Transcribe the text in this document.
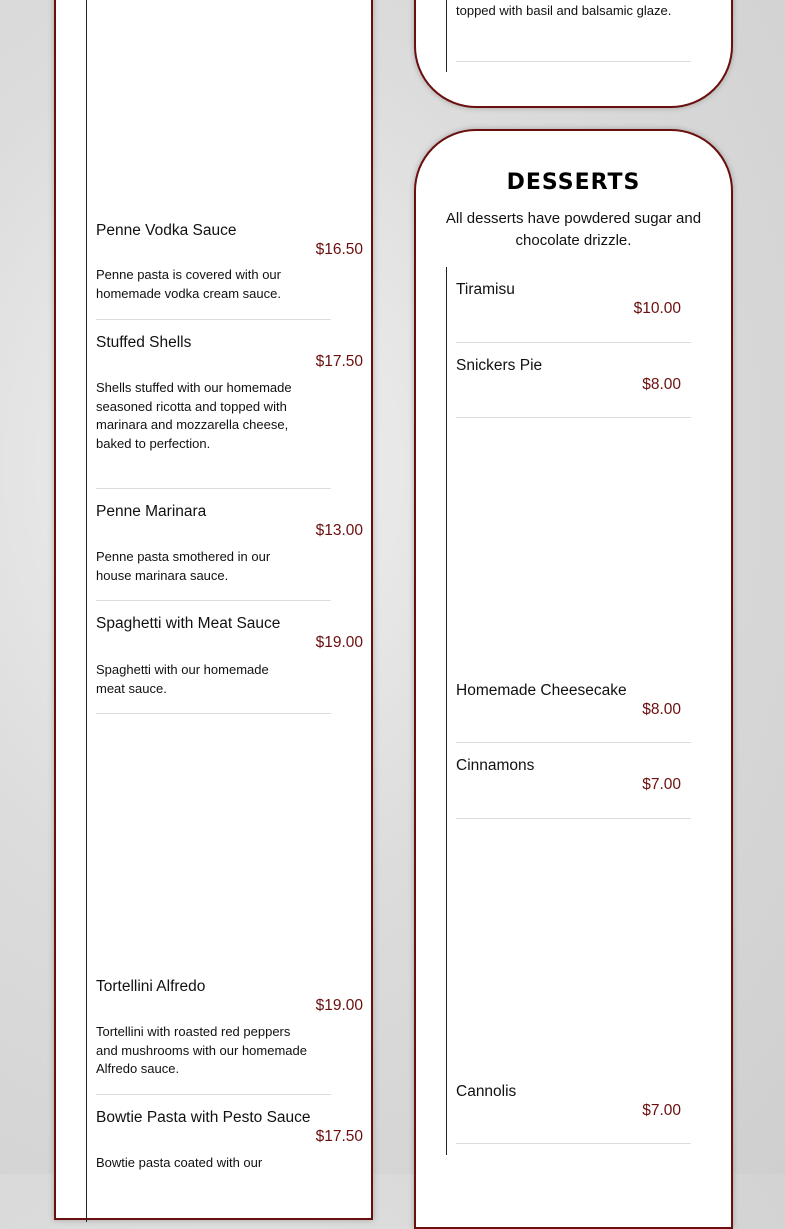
Penne Vodka Sauce
$16.50
Penne pasta is covered with our homemade vodka cream sauce.
Stuffed Shells
$17.50
Shells stuffed with our homemade seasoned ricotta and topped with marinara and mozzarella cheese, baked to perfection.
Penne Marinara
$13.00
Penne pasta smothered in our house marinara sauce.
Spaghetti with Meat Sauce
$19.00
Spaghetti with our homemade meat sauce.
Tortellini Alfredo
$19.00
Tortellini with roasted red peppers and mushrooms with our homemade Alfredo sauce.
Bowtie Pasta with Pesto Sauce
$17.50
Bowtie pasta coated with our
topped with basil and balsamic glaze.
DESSERTS
All desserts have powdered sugar and chocolate drizzle.
Tiramisu
$10.00
Snickers Pie
$8.00
Homemade Cheesecake
$8.00
Cinnamons
$7.00
Cannolis
$7.00
